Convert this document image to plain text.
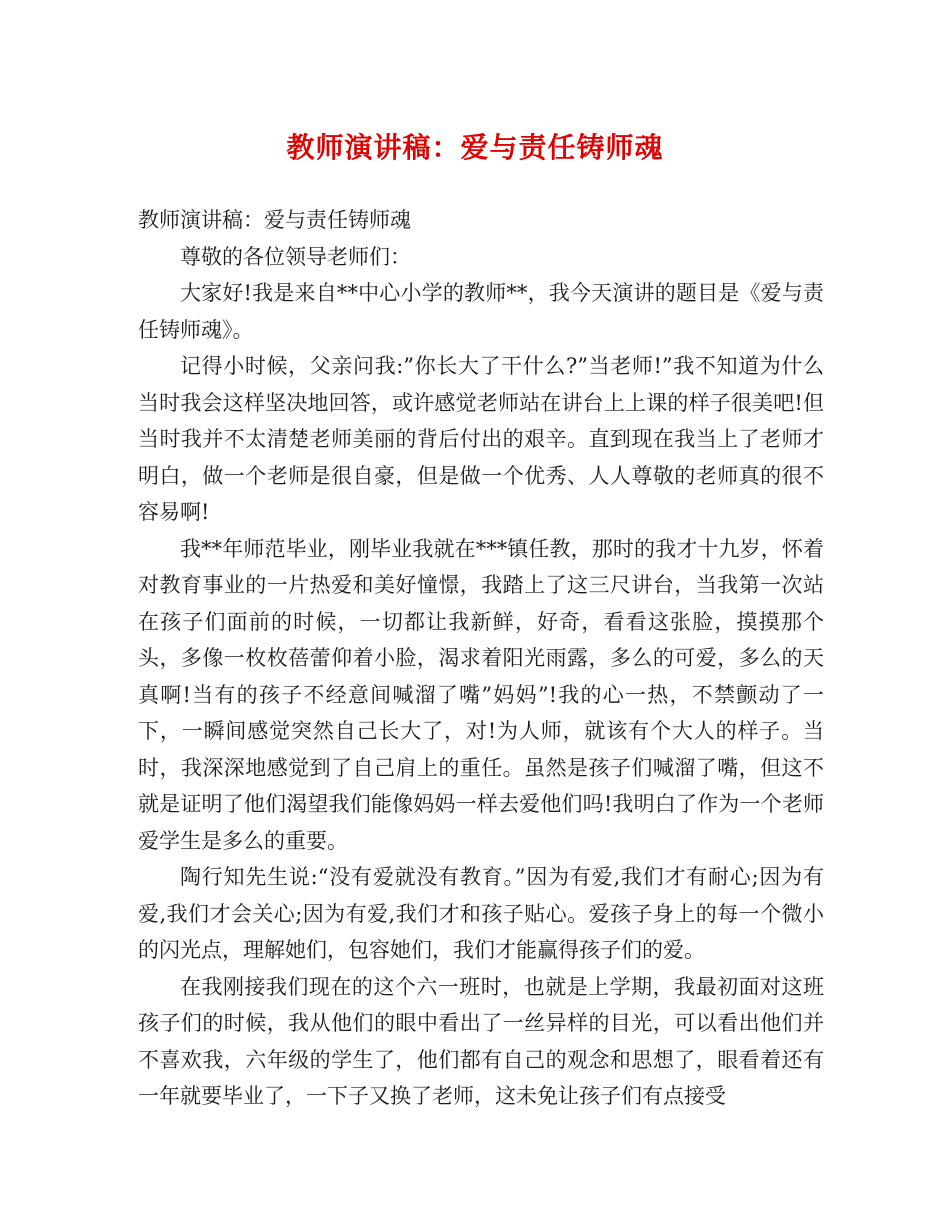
教师演讲稿：爱与责任铸师魂

教师演讲稿：爱与责任铸师魂

尊敬的各位领导老师们：

大家好!我是来自**中心小学的教师**，我今天演讲的题目是《爱与责任铸师魂》。

记得小时候，父亲问我:”你长大了干什么?”当老师!”我不知道为什么当时我会这样坚决地回答，或许感觉老师站在讲台上上课的样子很美吧!但当时我并不太清楚老师美丽的背后付出的艰辛。直到现在我当上了老师才明白，做一个老师是很自豪，但是做一个优秀、人人尊敬的老师真的很不容易啊!

我**年师范毕业，刚毕业我就在***镇任教，那时的我才十九岁，怀着对教育事业的一片热爱和美好憧憬，我踏上了这三尺讲台，当我第一次站在孩子们面前的时候，一切都让我新鲜，好奇，看看这张脸，摸摸那个头，多像一枚枚蓓蕾仰着小脸，渴求着阳光雨露，多么的可爱，多么的天真啊!当有的孩子不经意间喊溜了嘴”妈妈”!我的心一热，不禁颤动了一下，一瞬间感觉突然自己长大了，对!为人师，就该有个大人的样子。当时，我深深地感觉到了自己肩上的重任。虽然是孩子们喊溜了嘴，但这不就是证明了他们渴望我们能像妈妈一样去爱他们吗!我明白了作为一个老师爱学生是多么的重要。

陶行知先生说:“没有爱就没有教育。”因为有爱,我们才有耐心;因为有爱,我们才会关心;因为有爱,我们才和孩子贴心。爱孩子身上的每一个微小的闪光点，理解她们，包容她们，我们才能赢得孩子们的爱。

在我刚接我们现在的这个六一班时，也就是上学期，我最初面对这班孩子们的时候，我从他们的眼中看出了一丝异样的目光，可以看出他们并不喜欢我，六年级的学生了，他们都有自己的观念和思想了，眼看着还有一年就要毕业了，一下子又换了老师，这未免让孩子们有点接受
